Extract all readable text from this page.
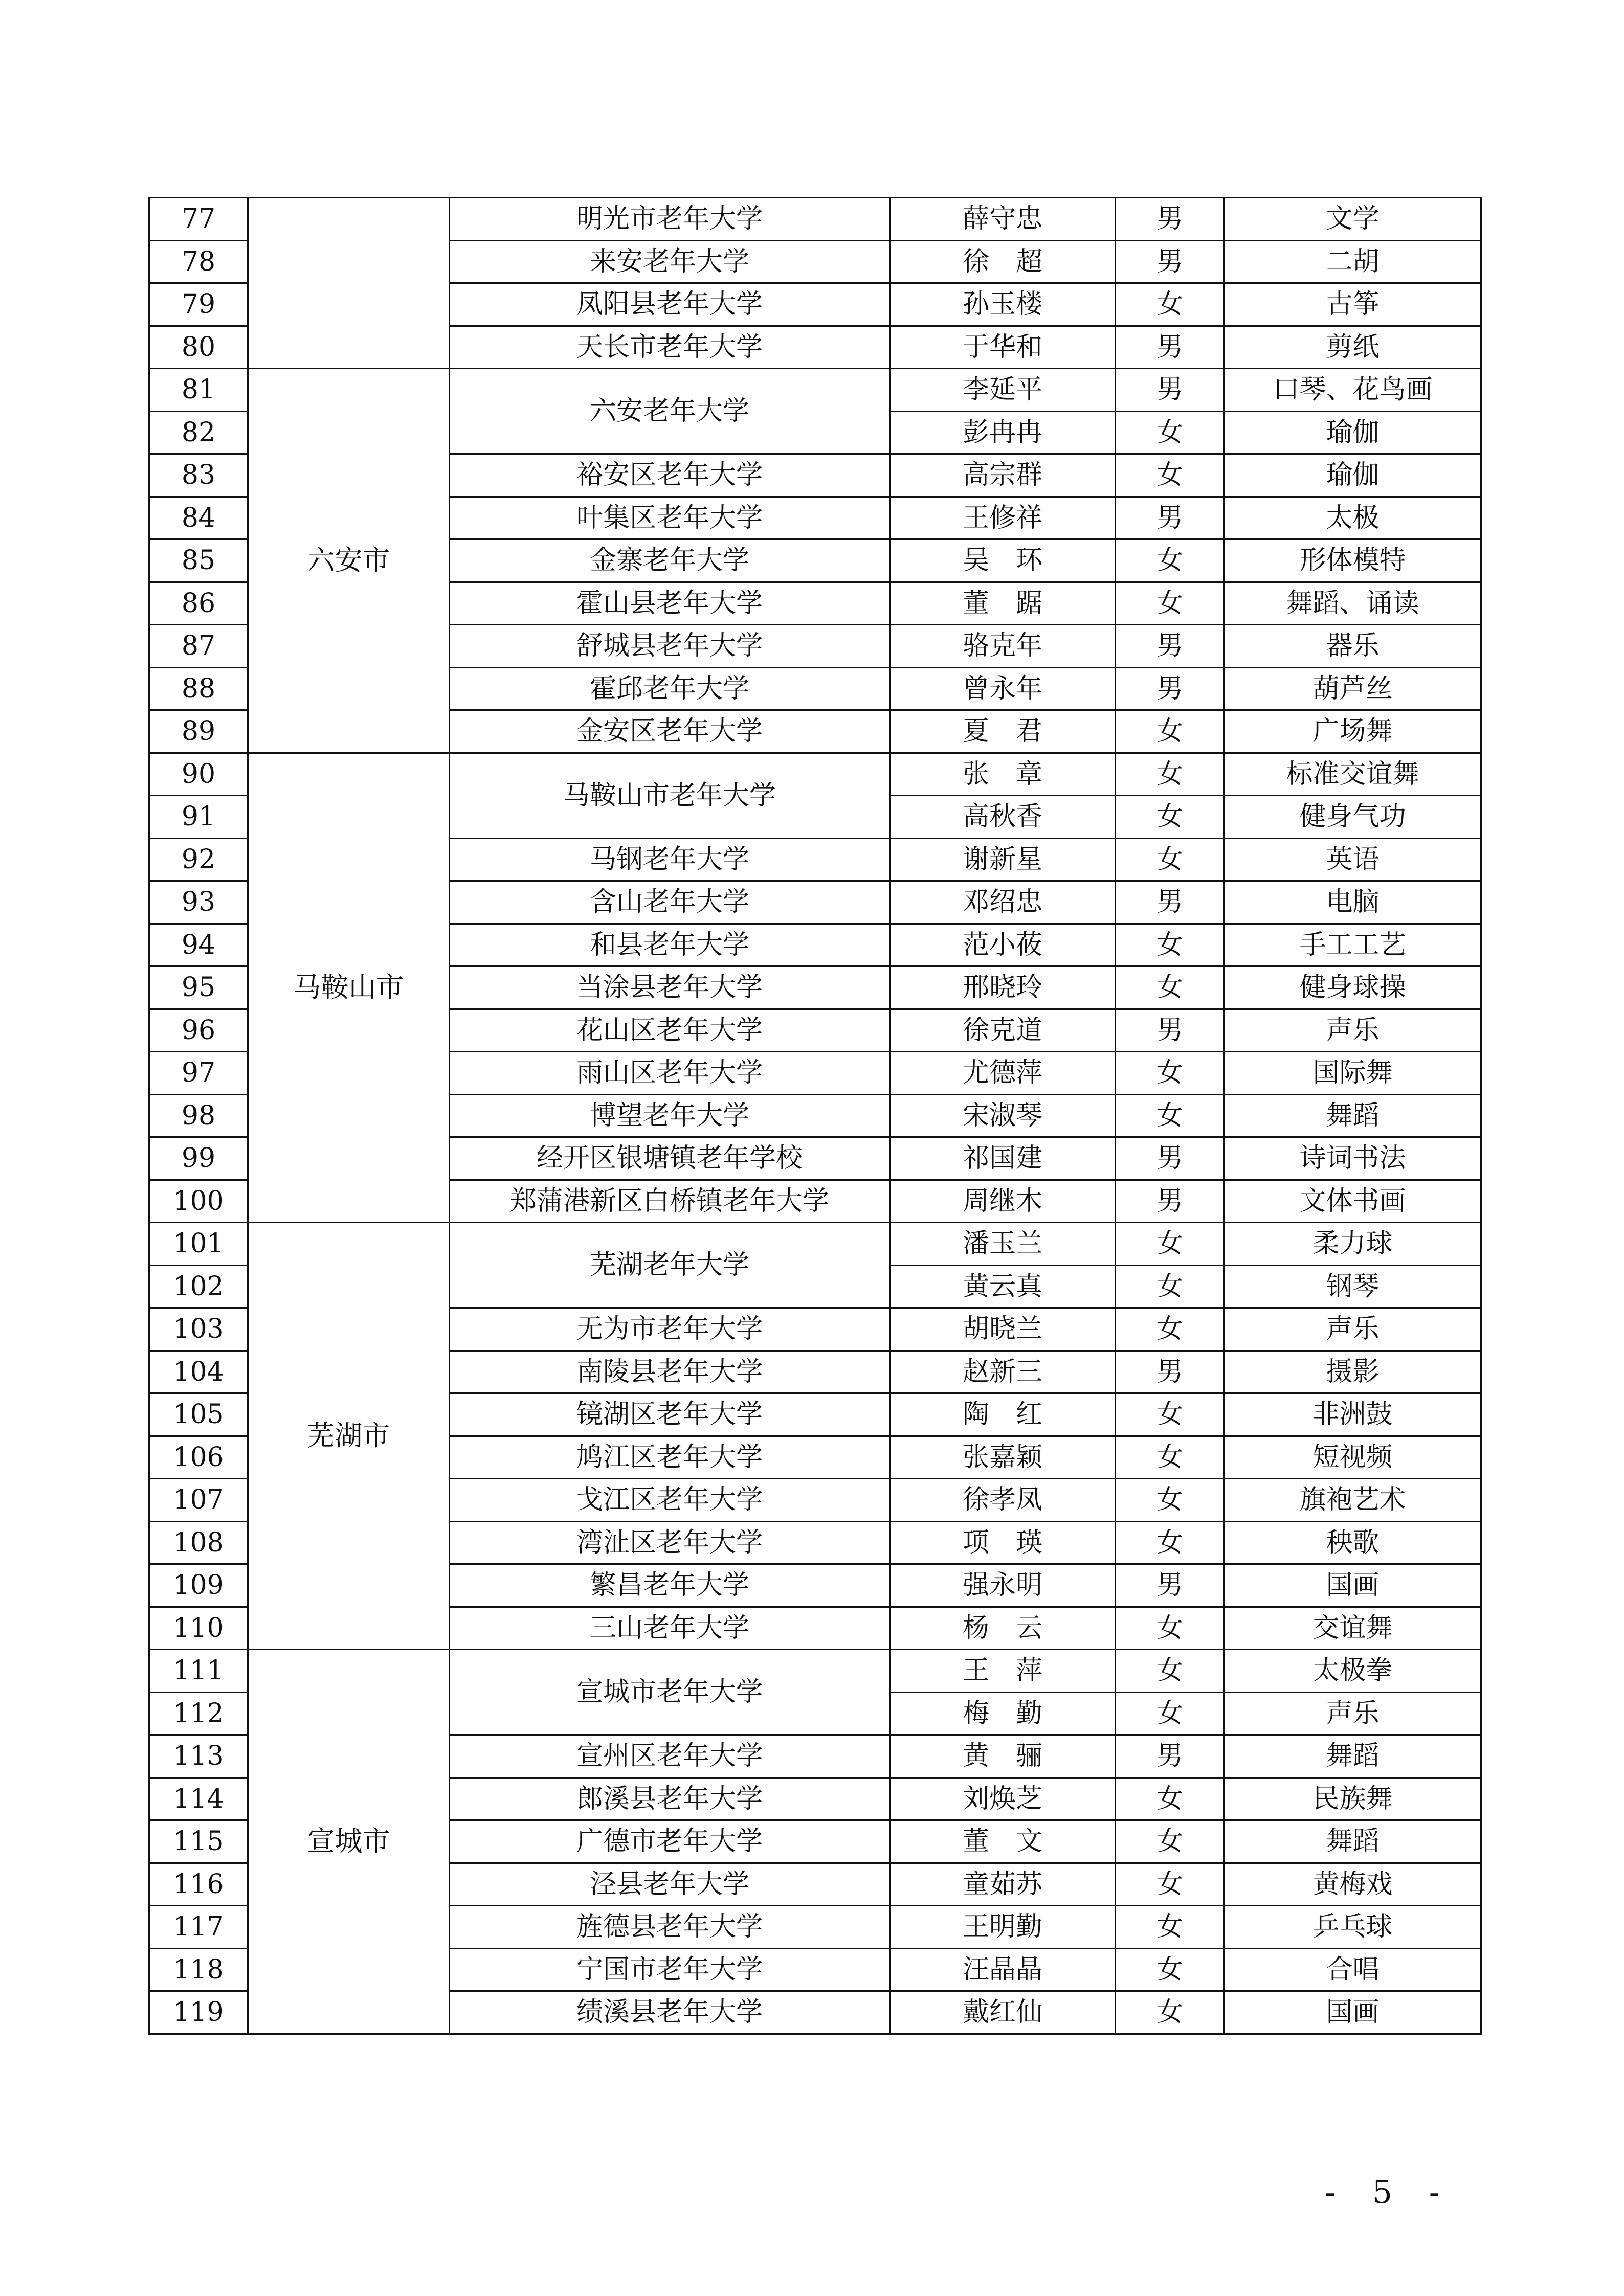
77		明光市老年大学	薛守忠	男	文学
78		来安老年大学	徐　超	男	二胡
79		凤阳县老年大学	孙玉楼	女	古筝
80		天长市老年大学	于华和	男	剪纸
81	六安市	六安老年大学	李延平	男	口琴、花鸟画
82			彭冉冉	女	瑜伽
83		裕安区老年大学	高宗群	女	瑜伽
84		叶集区老年大学	王修祥	男	太极
85		金寨老年大学	吴　环	女	形体模特
86		霍山县老年大学	董　踞	女	舞蹈、诵读
87		舒城县老年大学	骆克年	男	器乐
88		霍邱老年大学	曾永年	男	葫芦丝
89		金安区老年大学	夏　君	女	广场舞
90	马鞍山市	马鞍山市老年大学	张　章	女	标准交谊舞
91			高秋香	女	健身气功
92		马钢老年大学	谢新星	女	英语
93		含山老年大学	邓绍忠	男	电脑
94		和县老年大学	范小莜	女	手工工艺
95		当涂县老年大学	邢晓玲	女	健身球操
96		花山区老年大学	徐克道	男	声乐
97		雨山区老年大学	尤德萍	女	国际舞
98		博望老年大学	宋淑琴	女	舞蹈
99		经开区银塘镇老年学校	祁国建	男	诗词书法
100		郑蒲港新区白桥镇老年大学	周继木	男	文体书画
101	芜湖市	芜湖老年大学	潘玉兰	女	柔力球
102			黄云真	女	钢琴
103		无为市老年大学	胡晓兰	女	声乐
104		南陵县老年大学	赵新三	男	摄影
105		镜湖区老年大学	陶　红	女	非洲鼓
106		鸠江区老年大学	张嘉颖	女	短视频
107		戈江区老年大学	徐孝凤	女	旗袍艺术
108		湾沚区老年大学	项　瑛	女	秧歌
109		繁昌老年大学	强永明	男	国画
110		三山老年大学	杨　云	女	交谊舞
111	宣城市	宣城市老年大学	王　萍	女	太极拳
112			梅　勤	女	声乐
113		宣州区老年大学	黄　骊	男	舞蹈
114		郎溪县老年大学	刘焕芝	女	民族舞
115		广德市老年大学	董　文	女	舞蹈
116		泾县老年大学	童茹苏	女	黄梅戏
117		旌德县老年大学	王明勤	女	乒乓球
118		宁国市老年大学	汪晶晶	女	合唱
119		绩溪县老年大学	戴红仙	女	国画
- 5 -
